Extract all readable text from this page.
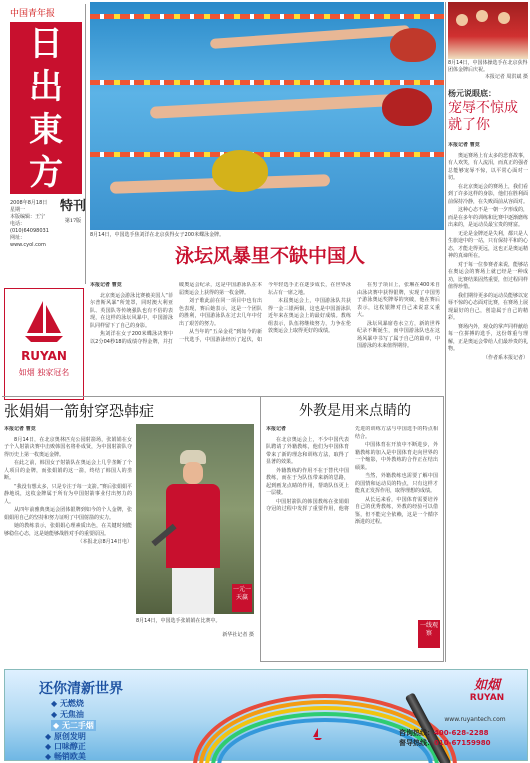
中国青年报
日
出
東
方
2008年8月18日
星期一
本版编辑：王宁
电话：(010)64098031
网址：www.cyol.com
特刊
第17版
RUYAN
如烟 独家冠名
8月14日，中国选手焦刘洋在北京获得女子200米蝶泳金牌。
8月14日，中国体操选手在北京获得团体金牌后庆祝。
本报记者 周洪斌 摄
杨元说眼底：
宠辱不惊成就了你
本报记者 曹竞

奥运赛场上有太多的悲喜故事，有人欢笑，有人流泪，而真正的强者总能够宠辱不惊，以平常心面对一切。

在北京奥运会的赛场上，我们看到了许多这样的身影，他们在胜利面前保持冷静，在失败面前从容面对。

这种心态不是一朝一夕形成的，而是在多年的训练和比赛中逐渐磨练出来的，是运动员最宝贵的财富。

无论是金牌还是失利，都只是人生旅途中的一站，只有保持平和的心态，才能走得更远，这也正是奥运精神的真谛所在。

对于每一位参赛者来说，能够站在奥运会的赛场上就已经是一种成功，比赛结果固然重要，但过程同样值得珍惜。

我们期待更多的运动员能够以宠辱不惊的心态面对比赛，在赛场上展现最好的自己，创造属于自己的精彩。

赛场内外，观众的掌声同样献给每一位拼搏的选手，这份尊重与理解，正是奥运会带给人们最珍贵的礼物。

（作者系本报记者）

泳坛风暴里不缺中国人
本报记者 曹竞

北京奥运会游泳比赛被美国人“菲尔普斯风暴”所笼罩，同时澳大利亚队、英国队等传统强队也有不俗的表现，在这样的泳坛风暴中，中国游泳队同样留下了自己的身影。

焦刘洋在女子200米蝶泳决赛中以2分04秒18的成绩夺得金牌，并打破奥运会纪录，这是中国游泳队在本届奥运会上获得的第一枚金牌。

刘子歌此前在同一项目中也有出色表现，赛后她表示，这是一个团队的胜利，中国游泳队在过去几年中付出了艰苦的努力。

从当年的“五朵金花”到如今的新一代选手，中国游泳经历了起伏，如今年轻选手正在逐步成长，在世界泳坛占有一席之地。

本届奥运会上，中国游泳队共获得一金三银两铜，这也是中国游泳队近年来在奥运会上的最好成绩。教练组表示，队伍将继续努力，力争在伦敦奥运会上取得更好的成绩。

在男子项目上，张琳在400米自由泳决赛中获得银牌，实现了中国男子游泳奥运奖牌零的突破，他在赛后表示，这枚银牌对自己来说意义重大。

泳坛风暴席卷水立方，新的世界纪录不断诞生，而中国游泳队也在这场风暴中书写了属于自己的篇章，中国游泳的未来值得期待。

张娟娟一箭射穿恐韩症
本报记者 曹竞

8月14日，在北京奥林匹克公园射箭场，张娟娟在女子个人射箭决赛中击败韩国名将朴成贤，为中国射箭队夺得历史上第一枚奥运金牌。

在此之前，韩国女子射箭队在奥运会上几乎垄断了个人项目的金牌，而张娟娟的这一箭，终结了韩国人的垄断。

“我没有想太多，只是专注于每一支箭。”赛后张娟娟平静地说，这枚金牌属于所有为中国射箭事业付出努力的人。

从四年前雅典奥运会团体银牌到如今的个人金牌，张娟娟用自己的坚持和努力证明了中国射箭的实力。

她的教练表示，张娟娟心理素质出色，在关键时刻能够稳住心态，这是她能够战胜对手的重要原因。

（本报北京8月14日电）

一元一天赢
8月14日，中国选手张娟娟在比赛中。
新华社记者 摄
外教是用来点睛的
本报记者

在北京奥运会上，不少中国代表队聘请了外籍教练，他们为中国体育带来了新的理念和训练方法，取得了显著的效果。

外籍教练的作用不在于替代中国教练，而在于为队伍带来新的思路，起到画龙点睛的作用，帮助队伍更上一层楼。

中国射箭队的韩国教练在张娟娟夺冠的过程中发挥了重要作用，他将先进的训练方法与中国选手的特点相结合。

中国体育在开放中不断进步，外籍教练的加入是中国体育走向世界的一个缩影，中外教练的合作正在结出硕果。

当然，外籍教练也需要了解中国的国情和运动员的特点，只有这样才能真正发挥作用，取得理想的成绩。

从长远来看，中国体育需要培养自己的优秀教练，外教的经验可以借鉴，但不能完全依赖，这是一个循序渐进的过程。

一线观察
还你清新世界
◆ 无燃烧
◆ 无焦油
◆ 无二手烟
◆ 原创发明
◆ 口味醇正
◆ 畅销欧美
如烟
RUYAN
www.ruyantech.com
咨询热线：400-628-2288
督导热线：010-67159980
